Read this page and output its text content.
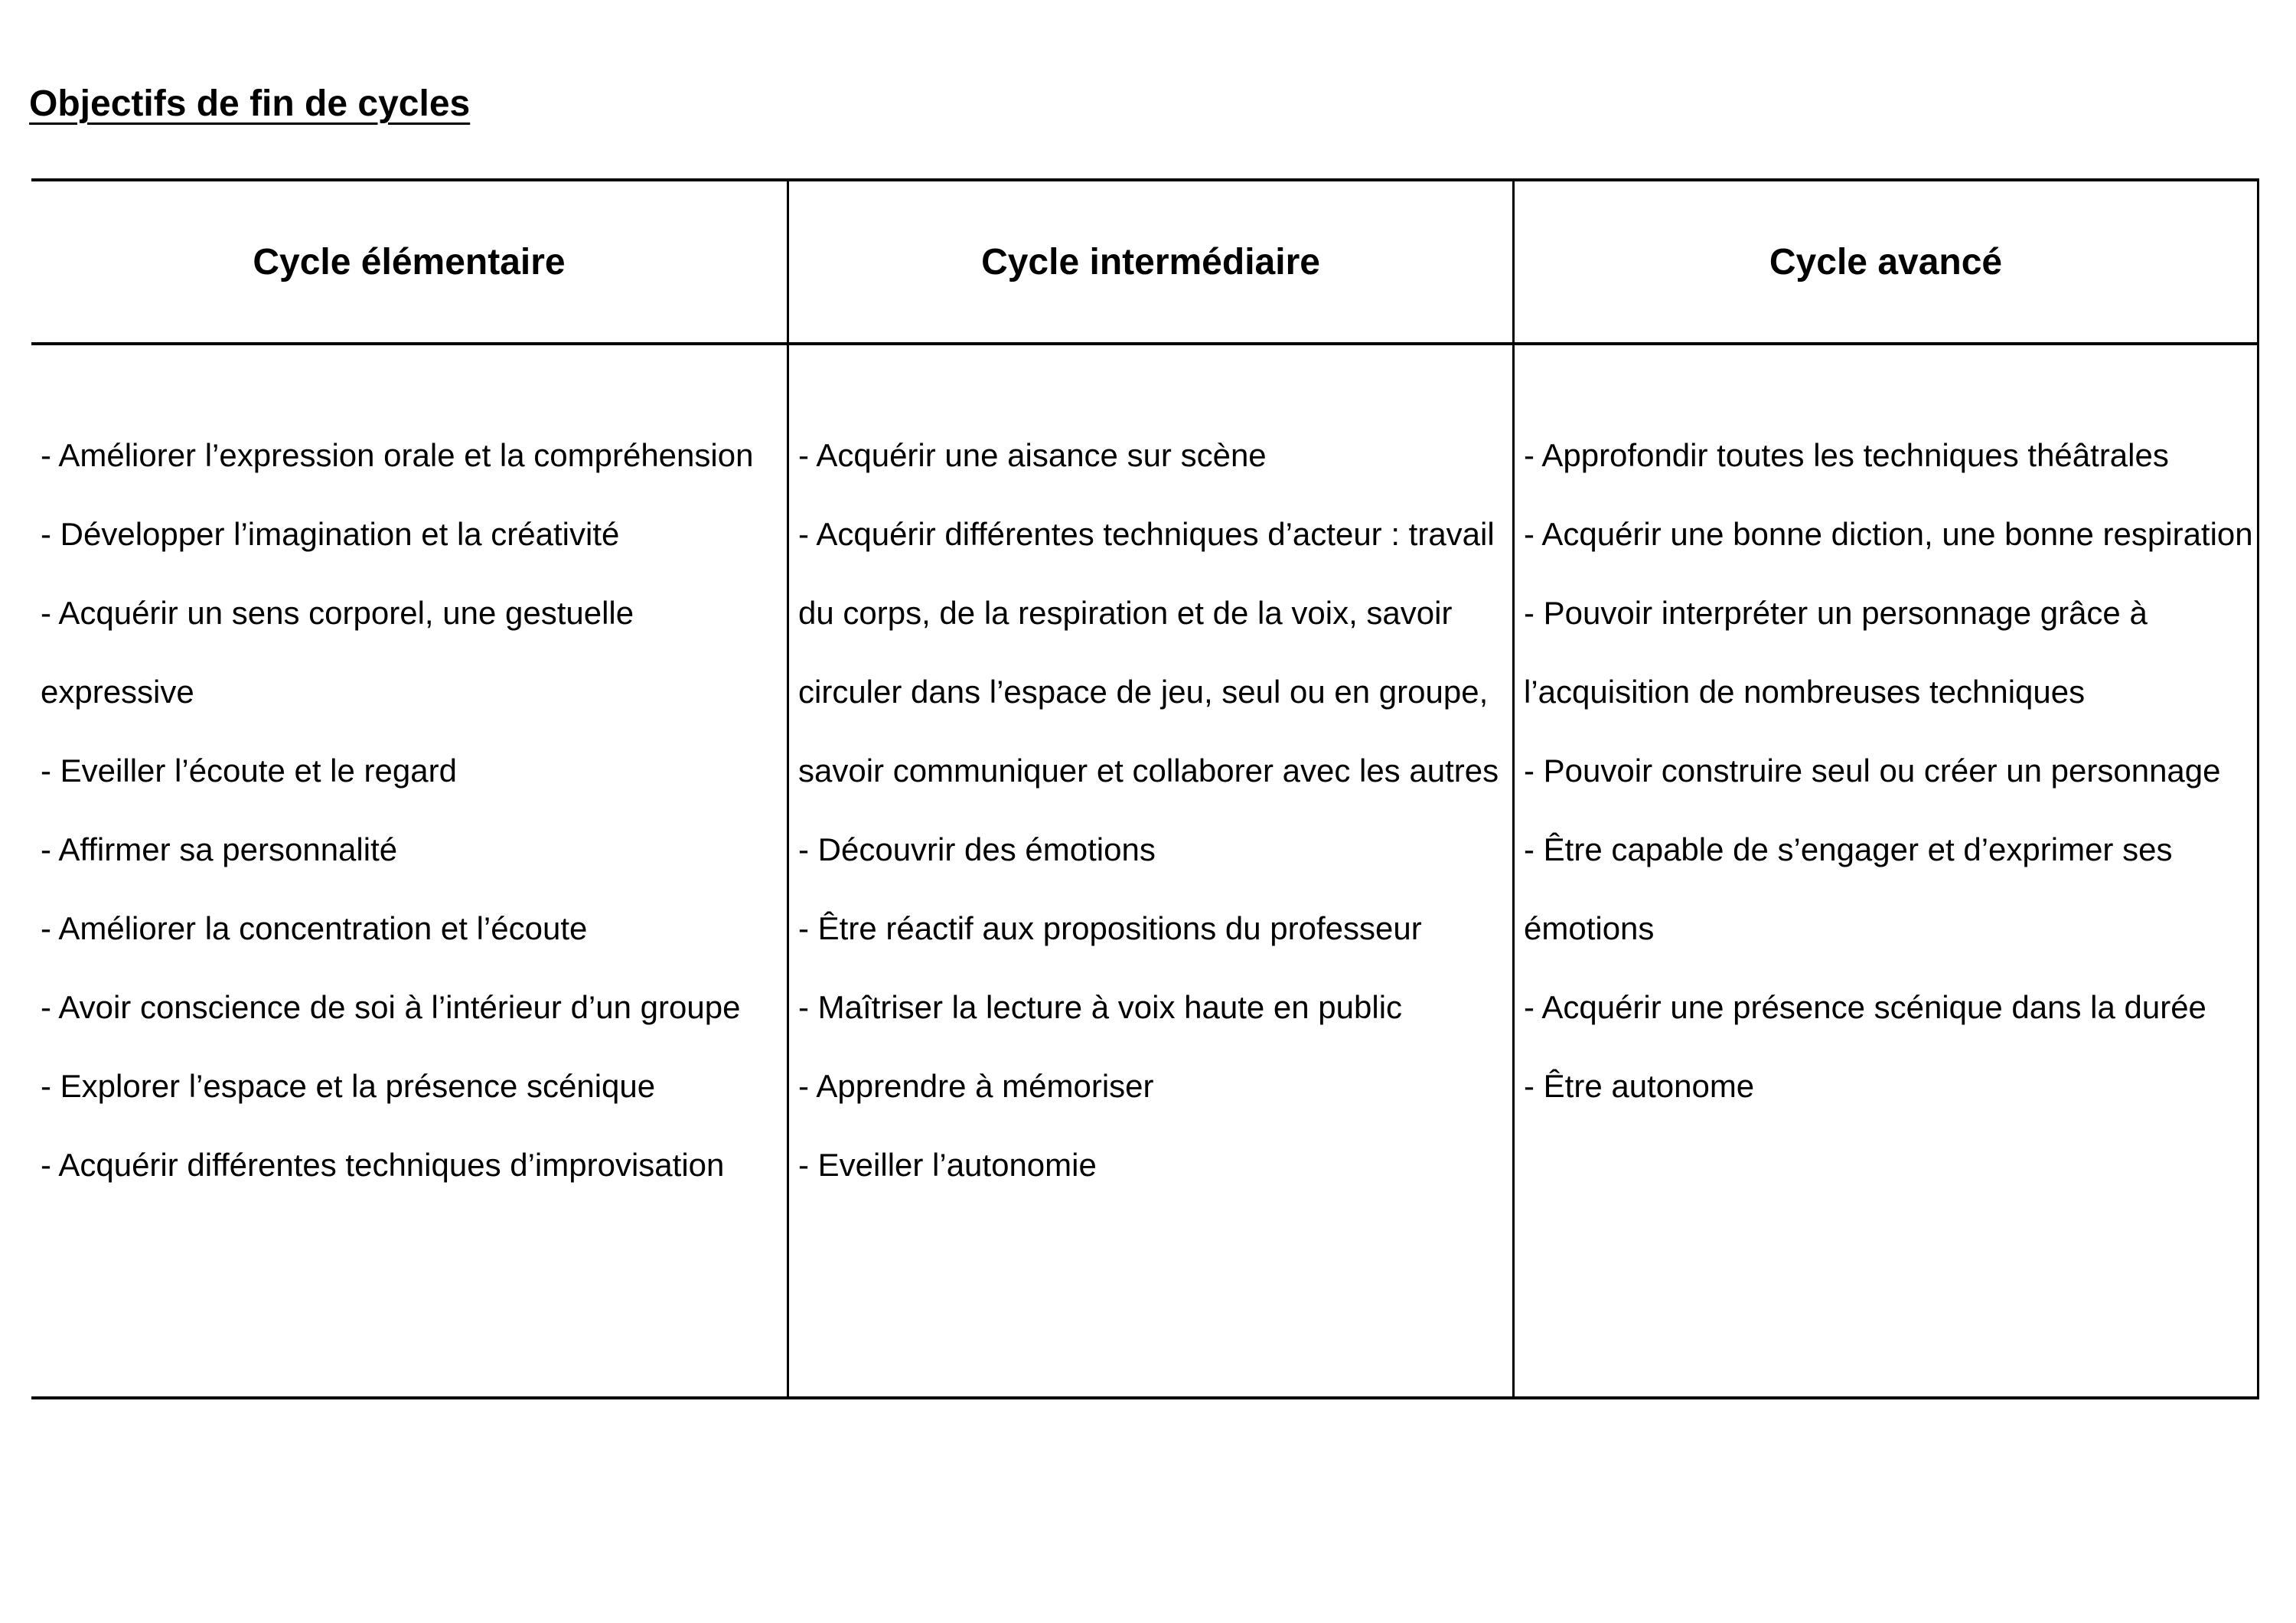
Objectifs de fin de cycles
Cycle élémentaire	Cycle intermédiaire	Cycle avancé
- Améliorer l’expression orale et la compréhension
- Développer l’imagination et la créativité
- Acquérir un sens corporel, une gestuelle expressive
- Eveiller l’écoute et le regard
- Affirmer sa personnalité
- Améliorer la concentration et l’écoute
- Avoir conscience de soi à l’intérieur d’un groupe
- Explorer l’espace et la présence scénique
- Acquérir différentes techniques d’improvisation
- Acquérir une aisance sur scène
- Acquérir différentes techniques d’acteur : travail du corps, de la respiration et de la voix, savoir circuler dans l’espace de jeu, seul ou en groupe, savoir communiquer et collaborer avec les autres
- Découvrir des émotions
- Être réactif aux propositions du professeur
- Maîtriser la lecture à voix haute en public
- Apprendre à mémoriser
- Eveiller l’autonomie
- Approfondir toutes les techniques théâtrales
- Acquérir une bonne diction, une bonne respiration
- Pouvoir interpréter un personnage grâce à l’acquisition de nombreuses techniques
- Pouvoir construire seul ou créer un personnage
- Être capable de s’engager et d’exprimer ses émotions
- Acquérir une présence scénique dans la durée
- Être autonome
